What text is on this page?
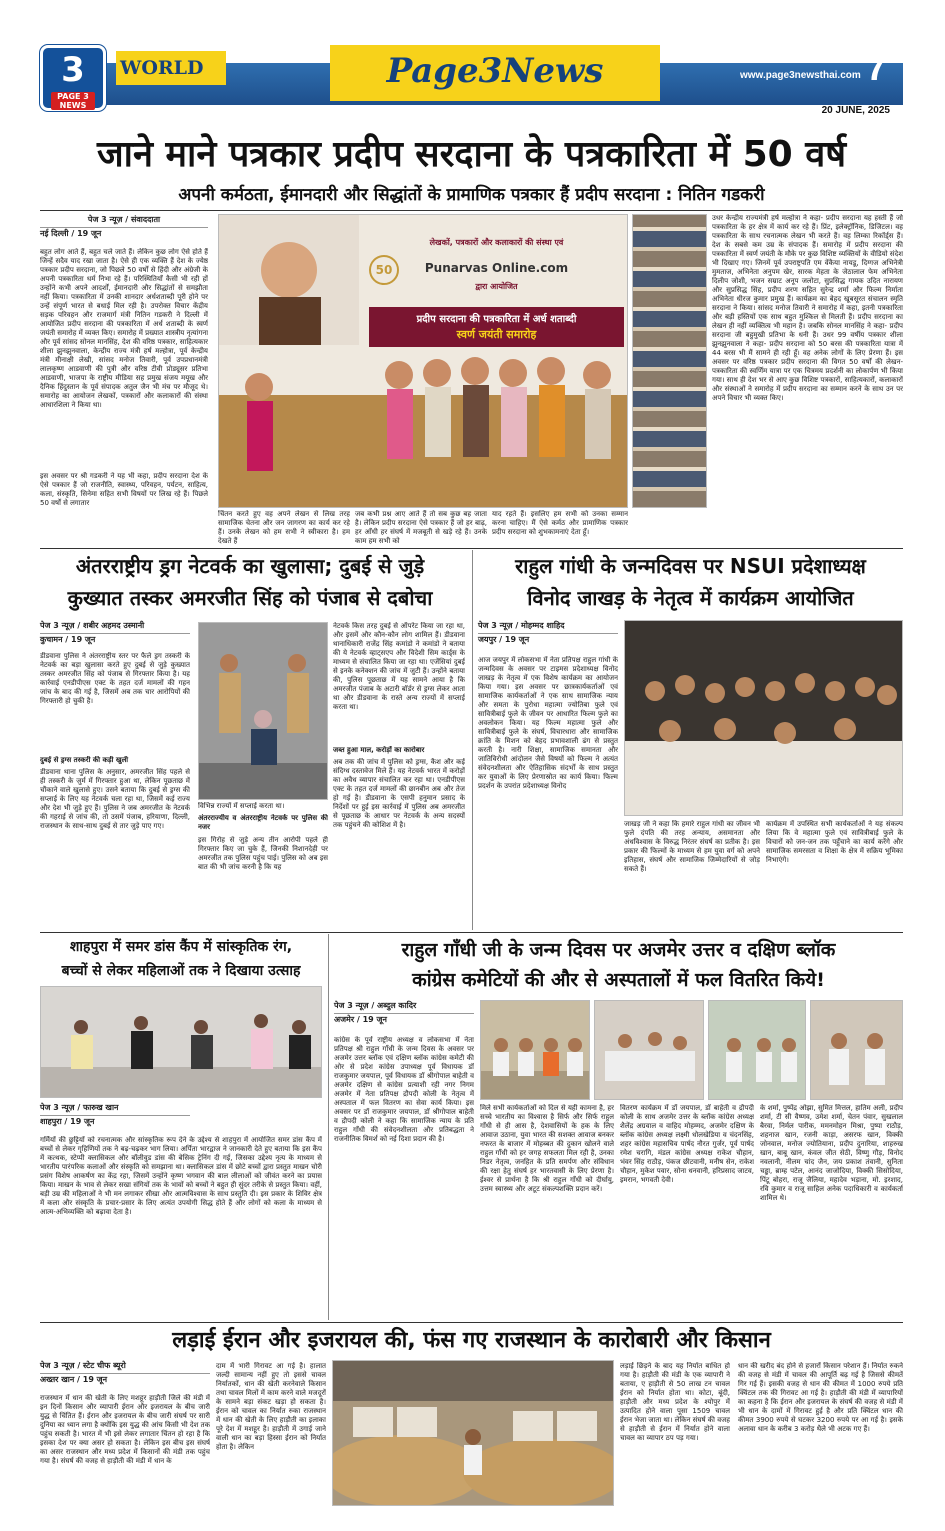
3
PAGE 3 NEWS
WORLD	Page3News	◉ page3news
www.page3newsthai.com 7
20 JUNE, 2025
जाने माने पत्रकार प्रदीप सरदाना के पत्रकारिता में 50 वर्ष
अपनी कर्मठता, ईमानदारी और सिद्धांतों के प्रामाणिक पत्रकार हैं प्रदीप सरदाना : नितिन गडकरी
पेज 3 न्यूज़ / संवाददाता
नई दिल्ली / 19 जून
बहुत लोग आते हैं, बहुत चले जाते हैं। लेकिन कुछ लोग ऐसे होते हैं जिन्हें सदैव याद रखा जाता है। ऐसे ही एक व्यक्ति हैं देश के ज्येष्ठ पत्रकार प्रदीप सरदाना, जो पिछले 50 वर्षों से हिंदी और अंग्रेजी के अपनी पत्रकारिता धर्म निभा रहे हैं। परिस्थितियाँ कैसी भी रही हों उन्होंने कभी अपने आदर्शों, ईमानदारी और सिद्धांतों से समझौता नहीं किया। पत्रकारिता में उनकी शानदार अर्धशताब्दी पूरी होने पर उन्हें संपूर्ण भारत से बधाई मिल रही है। उपरोक्त विचार केंद्रीय सड़क परिवहन और राजमार्ग मंत्री नितिन गडकरी ने दिल्ली में आयोजित प्रदीप सरदाना की पत्रकारिता में अर्ध शताब्दी के स्वर्ण जयंती समारोह में व्यक्त किए। समारोह में प्रख्यात शास्त्रीय नृत्यांगना और पूर्व सांसद सोनल मानसिंह, देश की वरिष्ठ पत्रकार, साहित्यकार शीला झुनझुनवाला, केन्द्रीय राज्य मंत्री हर्ष मल्होत्रा, पूर्व केन्द्रीय मंत्री मीनाक्षी लेखी, सांसद मनोज तिवारी, पूर्व उपप्रधानमंत्री लालकृष्ण आडवाणी की पुत्री और वरिष्ठ टीवी प्रोड्यूसर प्रतिभा आडवाणी, भाजपा के राष्ट्रीय मीडिया सह प्रमुख संजय मयूख और दैनिक हिंदुस्तान के पूर्व संपादक अतुल जैन भी मंच पर मौजूद थे। समारोह का आयोजन लेखकों, पत्रकारों और कलाकारों की संस्था आधारशिला ने किया था।
इस अवसर पर श्री गडकरी ने यह भी कहा, प्रदीप सरदाना देश के ऐसे पत्रकार हैं जो राजनीति, स्वास्थ्य, परिवहन, पर्यटन, साहित्य, कला, संस्कृति, सिनेमा सहित सभी विषयों पर लिख रहे हैं। पिछले 50 वर्षों से लगातार
लेखकों, पत्रकारों और कलाकारों की संस्था एवं
Punarvas Online.com
द्वारा आयोजित
प्रदीप सरदाना की पत्रकारिता में अर्ध शताब्दी
स्वर्ण जयंती समारोह
50
चिंतन करते हुए वह अपने लेखन से लिख तरह सामाजिक चेतना और जन जागरण का कार्य कर रहे हैं। उनके लेखन को हम सभी ने स्वीकारा है। हम देखते हैं
जब कभी प्रश्न आए आते हैं तो सब कुछ बह जाता है। लेकिन प्रदीप सरदाना ऐसे पत्रकार हैं जो हर बाढ़, हर आँधी हर संघर्ष में मजबूती से खड़े रहे हैं। उनके काम हम सभी को
याद रहते हैं। इसलिए हम सभी को उनका सम्मान करना चाहिए। मैं ऐसे कर्मठ और प्रामाणिक पत्रकार प्रदीप सरदाना को शुभकामनाएं देता हूँ।
उधर केन्द्रीय राज्यमंत्री हर्ष मल्होत्रा ने कहा- प्रदीप सरदाना यह हस्ती हैं जो पत्रकारिता के हर क्षेत्र में कार्य कर रहे हैं। प्रिंट, इलेक्ट्रॉनिक, डिजिटल। वह पत्रकारिता के साथ रचनात्मक लेखन भी करते हैं। वह लिम्का रिकॉर्ड्स हैं। देश के सबसे कम उम्र के संपादक हैं। समारोह में प्रदीप सरदाना की पत्रकारिता में स्वर्ण जयंती के मौके पर कुछ विशिष्ट व्यक्तियों के वीडियो संदेश भी दिखाए गए। जिनमें पूर्व उपराष्ट्रपति एम वेंकैया नायडू, दिग्गज अभिनेत्री मुमताज, अभिनेता अनुपम खेर, सारक मेहता के जेठालाल फेम अभिनेता दिलीप जोशी, भजन सम्राट अनूप जलोटा, सुप्रसिद्ध गायक उदित नारायण और सुप्रसिद्ध सिंह, प्रदीप शरण सहित सुरेन्द्र शर्मा और फिल्म निर्माता अभिनेता धीरज कुमार प्रमुख हैं। कार्यक्रम का बेहद खूबसूरत संचालन स्मृति सरदाना ने किया। सांसद मनोज तिवारी ने समारोह में कहा, इतनी पत्रकारिता और बड़ी हस्तियों एक साथ बहुत मुश्किल से मिलती हैं। प्रदीप सरदाना का लेखन ही नहीं व्यक्तित्व भी महान है। जबकि सोनल मानसिंह ने कहा- प्रदीप सरदाना जी बहुमुखी प्रतिभा के धनी हैं। उधर 99 वर्षीय पत्रकार शीला झुनझुनवाला ने कहा- प्रदीप सरदाना को 50 बरस की पत्रकारिता यात्रा में 44 बरस भी मैं सामने ही रही हूँ। वह अनेक लोगों के लिए प्रेरणा हैं। इस अवसर पर वरिष्ठ पत्रकार प्रदीप सरदाना की विगत 50 वर्षों की लेखन-पत्रकारिता की स्वर्णिम यात्रा पर एक चित्रमय प्रदर्शनी का लोकार्पण भी किया गया। साथ ही देश भर से आए कुछ विशिष्ट पत्रकारों, साहित्यकारों, कलाकारों और संस्थाओं ने समारोह में प्रदीप सरदाना का सम्मान करने के साथ उन पर अपने विचार भी व्यक्त किए।
अंतरराष्ट्रीय ड्रग नेटवर्क का खुलासा; दुबई से जुड़े
कुख्यात तस्कर अमरजीत सिंह को पंजाब से दबोचा
पेज 3 न्यूज़ / शबीर अहमद उस्मानी
कुचामन / 19 जून
डीडवाना पुलिस ने अंतरराष्ट्रीय स्तर पर फैले ड्रग तस्करी के नेटवर्क का बड़ा खुलासा करते हुए दुबई से जुड़े कुख्यात तस्कर अमरजीत सिंह को पंजाब से गिरफ्तार किया है। यह कार्रवाई एनडीपीएस एक्ट के तहत दर्ज मामलों की गहन जांच के बाद की गई है, जिसमें अब तक चार आरोपियों की गिरफ्तारी हो चुकी है।
दुबई से ड्रग्स तस्करी की कड़ी खुली
डीडवाना थाना पुलिस के अनुसार, अमरजीत सिंह पहले से ही तस्करी के जुर्म में गिरफ्तार हुआ था, लेकिन पूछताछ में चौंकाने वाले खुलासे हुए। उसने बताया कि दुबई से ड्रग्स की सप्लाई के लिए यह नेटवर्क चला रहा था, जिसमें कई राज्य और देश भी जुड़े हुए हैं। पुलिस ने जब अमरजीत के नेटवर्क की गहराई से जांच की, तो उसमें पंजाब, हरियाणा, दिल्ली, राजस्थान के साथ-साथ दुबई से तार जुड़े पाए गए।
विभिन्न राज्यों में सप्लाई करता था।
अंतरराज्यीय व अंतरराष्ट्रीय नेटवर्क पर पुलिस की नजर
इस गिरोह से जुड़े अन्य तीन आरोपी पहले ही गिरफ्तार किए जा चुके हैं, जिनकी निशानदेही पर अमरजीत तक पुलिस पहुंच पाई। पुलिस को अब इस बात की भी जांच करनी है कि यह
नेटवर्क किस तरह दुबई से ऑपरेट किया जा रहा था, और इसमें और कौन-कौन लोग शामिल हैं। डीडवाना थानाधिकारी राजेंद्र सिंह कमांडो ने कमांडो ने बताया की ये नेटवर्क व्हाट्सएप और विदेशी सिम कार्ड्स के माध्यम से संचालित किया जा रहा था। एजेंसियां दुबई से इनके कनेक्शन की जांच में जुटी हैं। उन्होंने बताया की, पुलिस पूछताछ में यह सामने आया है कि अमरजीत पंजाब के अटारी बॉर्डर से ड्रग्स लेकर आता था और डीडवाना के रास्ते अन्य राज्यों में सप्लाई करता था।
जब्त हुआ माल, करोड़ों का कारोबार
अब तक की जांच में पुलिस को ड्रग्स, कैश और कई संदिग्ध दस्तावेज मिले हैं। यह नेटवर्क भारत में करोड़ों का अवैध व्यापार संचालित कर रहा था। एनडीपीएस एक्ट के तहत दर्ज मामलों की छानबीन अब और तेज हो गई है। डीडवाना के एसपी हनुमान प्रसाद के निर्देशों पर हुई इस कार्रवाई में पुलिस अब अमरजीत से पूछताछ के आधार पर नेटवर्क के अन्य सदस्यों तक पहुंचने की कोशिश में है।
राहुल गांधी के जन्मदिवस पर NSUI प्रदेशाध्यक्ष
विनोद जाखड़ के नेतृत्व में कार्यक्रम आयोजित
पेज 3 न्यूज़ / मोहम्मद शाहिद
जयपुर / 19 जून
आज जयपुर में लोकसभा में नेता प्रतिपक्ष राहुल गांधी के जन्मदिवस के अवसर पर टाइमस प्रदेशाध्यक्ष विनोद जाखड़ के नेतृत्व में एक विशेष कार्यक्रम का आयोजन किया गया। इस अवसर पर छात्रकार्यकर्ताओं एवं सामाजिक कार्यकर्ताओं ने एक साथ सामाजिक न्याय और समता के पुरोधा महात्मा ज्योतिबा फुले एवं सावित्रीबाई फुले के जीवन पर आधारित फिल्म फुले का अवलोकन किया। यह फिल्म महात्मा फुले और सावित्रीबाई फुले के संघर्ष, विचारधारा और सामाजिक क्रांति के मिशन को बेहद प्रभावशाली ढंग से प्रस्तुत करती है। नारी शिक्षा, सामाजिक समानता और जातिविरोधी आंदोलन जैसे विषयों को फिल्म ने अत्यंत संवेदनशीलता और ऐतिहासिक संदर्भों के साथ प्रस्तुत कर युवाओं के लिए प्रेरणास्रोत का कार्य किया। फिल्म प्रदर्शन के उपरांत प्रदेशाध्यक्ष विनोद
जाखड़ जी ने कहा कि हमारे राहुल गांधी का जीवन भी फुले दंपति की तरह अन्याय, असमानता और अंधविश्वास के विरुद्ध निरंतर संघर्ष का प्रतीक है। इस प्रकार की फिल्मों के माध्यम से हम युवा वर्ग को अपने इतिहास, संघर्ष और सामाजिक जिम्मेदारियों से जोड़ सकते हैं।
कार्यक्रम में उपस्थित सभी कार्यकर्ताओं ने यह संकल्प लिया कि वे महात्मा फुले एवं सावित्रीबाई फुले के विचारों को जन-जन तक पहुँचाने का कार्य करेंगे और सामाजिक समरसता व शिक्षा के क्षेत्र में सक्रिय भूमिका निभाएंगे।
शाहपुरा में समर डांस कैंप में सांस्कृतिक रंग,
बच्चों से लेकर महिलाओं तक ने दिखाया उत्साह
पेज 3 न्यूज़ / फारुख खान
शाहपुरा / 19 जून
गर्मियों की छुट्टियों को रचनात्मक और सांस्कृतिक रूप देने के उद्देश्य से शाहपुरा में आयोजित समर डांस कैंप में बच्चों से लेकर गृहिणियों तक ने बढ़-चढ़कर भाग लिया। अर्पिता भारद्वाज ने जानकारी देते हुए बताया कि इस कैंप में कत्थक, स्टेप्पी क्लासिकल और बॉलीवुड डांस की बेसिक ट्रेनिंग दी गई, जिसका उद्देश्य नृत्य के माध्यम से भारतीय पारंपरिक कलाओं और संस्कृति को समझाना था। क्लासिकल डांस में छोटे बच्चों द्वारा प्रस्तुत माखन चोरी प्रसंग विशेष आकर्षण का केंद्र रहा, जिसमें उन्होंने कृष्ण भगवान की बाल लीलाओं को जीवंत करने का प्रयास किया। माखन के भाव से लेकर सखा संगियों तक के भावों को बच्चों ने बहुत ही सुंदर तरीके से प्रस्तुत किया। वहीं, बड़ी उम्र की महिलाओं ने भी मन लगाकर सीखा और आत्मविश्वास के साथ प्रस्तुति दी। इस प्रकार के शिविर क्षेत्र में कला और संस्कृति के प्रचार-प्रसार के लिए अत्यंत उपयोगी सिद्ध होते हैं और लोगों को कला के माध्यम से आत्म-अभिव्यक्ति को बढ़ावा देता है।
राहुल गाँधी जी के जन्म दिवस पर अजमेर उत्तर व दक्षिण ब्लॉक
कांग्रेस कमेटियों की और से अस्पतालों में फल वितरित किये!
पेज 3 न्यूज़ / अब्दुल कादिर
अजमेर / 19 जून
कांग्रेस के पूर्व राष्ट्रीय अध्यक्ष व लोकसभा में नेता प्रतिपक्ष श्री राहुल गाँधी के जन्म दिवस के अवसर पर अजमेर उत्तर ब्लॉक एवं दक्षिण ब्लॉक कांग्रेस कमेटी की ओर से प्रदेश कांग्रेस उपाध्यक्ष पूर्व विधायक डॉ राजकुमार जयपाल, पूर्व विधायक डॉ श्रीगोपाल बाहेती व अजमेर दक्षिण से कांग्रेस प्रत्याशी रही नगर निगम अजमेर में नेता प्रतिपक्ष द्रौपदी कोली के नेतृत्व में अस्पताल में फल वितरण का सेवा कार्य किया। इस अवसर पर डॉ राजकुमार जयपाल, डॉ श्रीगोपाल बाहेती व द्रौपदी कोली ने कहा कि सामाजिक न्याय के प्रति राहुल गाँधी की संवेदनशीलता और प्रतिबद्धता ने राजनीतिक विमर्श को नई दिशा प्रदान की है।
मिले सभी कार्यकर्ताओं को दिल से यही कामना है, हर सच्चे भारतीय का विश्वास है सिर्फ और सिर्फ राहुल गाँधी से ही आस है, देशवासियों के हक के लिए आवाज उठाना, युवा भारत की सशक्त आवाज बनकर नफरत के बाजार में मोहब्बत की दुकान खोलने वाले राहुल गाँधी को हर जगह सफलता मिल रही है, उनका निडर नेतृत्व, जनहित के प्रति समर्पण और संविधान की रक्षा हेतु संघर्ष हर भारतवासी के लिए प्रेरणा है। ईश्वर से प्रार्थना है कि श्री राहुल गाँधी को दीर्घायु, उत्तम स्वास्थ्य और अटूट संकल्पशक्ति प्रदान करें।
वितरण कार्यक्रम में डॉ जयपाल, डॉ बाहेती व द्रौपदी कोली के साथ अजमेर उत्तर के ब्लॉक कांग्रेस अध्यक्ष शैलेंद्र अग्रवाल व वाहिद मोहम्मद, अजमेर दक्षिण के ब्लॉक कांग्रेस अध्यक्ष लक्ष्मी धोलखेडिया व चंदनसिंह, शहर कांग्रेस महासचिव पार्षद नौरत गुर्जर, पूर्व पार्षद रमेश चरागि, मंडल कांग्रेस अध्यक्ष राकेश चौहान, भंवर सिंह राठौड़, पंकज छीटवानी, मनीष सेन, राकेश चौहान, मुकेश पवार, सोना धनवानी, हरिप्रसाद जाटव, इमरान, भगवती देवी।
के शर्मा, पुष्पेंद्र ओझा, सुमित मित्तल, हातिम अली, प्रदीप शर्मा, टी सी वैष्णव, उमेश शर्मा, चेतन पंवार, सुखलाल बैरवा, निर्मल पारीक, ममनमोहन मिश्रा, पुष्पा राठौड़, शहनाज खान, रजनी काड़ा, असरफ खान, विक्की जोनवाल, मनोज ज्योतियाना, प्रदीप दुनारिया, शाहरुख खान, बाबू खान, कंवल जीत सेठी, विष्णु गौड़, विनोद नवलानी, नीलम चांद जैन, जय प्रकाश तंवानी, सुनिता चड्ढा, ब्राम्ह पटेल, आनंद जाजोदिया, विक्की सिसोदिया, पिंटू बोहरा, राजू जैलिया, महादेव भड़ाना, मो. इरशाद, रवि कुमार व राजू साहिल अनेक पदाधिकारी व कार्यकर्ता शामिल थे।
लड़ाई ईरान और इजरायल की, फंस गए राजस्थान के कारोबारी और किसान
पेज 3 न्यूज़ / स्टेट चीफ ब्यूरो
अख्तर खान / 19 जून
राजस्थान में धान की खेती के लिए मशहूर हाड़ौती जिले की मंडी में इन दिनों किसान और व्यापारी ईरान और इजरायल के बीच जारी युद्ध से चिंतित हैं। ईरान और इजरायल के बीच जारी संघर्ष पर सारी दुनिया का ध्यान लगा है क्योंकि इस युद्ध की आंच किसी भी देश तक पहुंच सकती है। भारत में भी इसे लेकर लगातार चिंतन हो रहा है कि इसका देश पर क्या असर हो सकता है। लेकिन इस बीच इस संघर्ष का असर राजस्थान और मध्य प्रदेश में किसानों की मंडी तक पहुंच गया है। संघर्ष की वजह से हाड़ौती की मंडी में धान के
दाम में भारी गिरावट आ गई है। हालात जल्दी सामान्य नहीं हुए तो इससे चावल निर्यातकों, धान की खेती करनेवाले किसान तथा चावल मिलों में काम करने वाले मजदूरों के सामने बड़ा संकट खड़ा हो सकता है। ईरान को चावल का निर्यात रुका राजस्थान में धान की खेती के लिए हाड़ौती का इलाका पूरे देश में मशहूर है। हाड़ौती में उगाई जाने वाली धान का बड़ा हिस्सा ईरान को निर्यात होता है। लेकिन
लड़ाई छिड़ने के बाद यह निर्यात बाधित हो गया है। हाड़ौती की मंडी के एक व्यापारी ने बताया, ए हाड़ौती से 50 लाख टन चावल ईरान को निर्यात होता था। कोटा, बूंदी, हाड़ौती और मध्य प्रदेश के श्योपुर में उत्पादित होने वाला पूसा 1509 चावल ईरान भेजा जाता था। लेकिन संघर्ष की वजह से हाड़ौती से ईरान में निर्यात होने वाला चावल का व्यापार ठप पड़ गया।
धान की खरीद बंद होने से हजारों किसान परेशान हैं। निर्यात रुकने की वजह से मंडी में चावल की आपूर्ति बढ़ गई है जिससे कीमतें गिर गई हैं। इसकी वजह से धान की कीमत में 1000 रुपये प्रति क्विंटल तक की गिरावट आ गई है। हाड़ौती की मंडी में व्यापारियों का कहना है कि ईरान और इजरायल के संघर्ष की वजह से मंडी में भी धान के दामों में गिरावट हुई है और प्रति क्विंटल धान की कीमत 3900 रुपये से घटकर 3200 रुपये पर आ गई है। इसके अलावा धान के करीब 3 करोड़ थैले भी अटक गए हैं।
